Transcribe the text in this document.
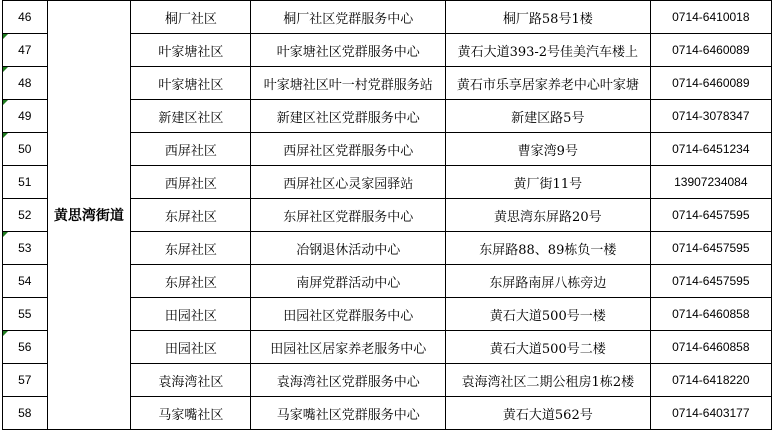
46	黄思湾街道	桐厂社区	桐厂社区党群服务中心	桐厂路58号1楼	0714-6410018

47		叶家塘社区	叶家塘社区党群服务中心	黄石大道393-2号佳美汽车楼上	0714-6460089

48		叶家塘社区	叶家塘社区叶一村党群服务站	黄石市乐享居家养老中心叶家塘	0714-6460089

49		新建区社区	新建区社区党群服务中心	新建区路5号	0714-3078347

50		西屏社区	西屏社区党群服务中心	曹家湾9号	0714-6451234
51		西屏社区	西屏社区心灵家园驿站	黄厂街11号	13907234084
52		东屏社区	东屏社区党群服务中心	黄思湾东屏路20号	0714-6457595

53		东屏社区	冶钢退休活动中心	东屏路88、89栋负一楼	0714-6457595
54		东屏社区	南屏党群活动中心	东屏路南屏八栋旁边	0714-6457595
55		田园社区	田园社区党群服务中心	黄石大道500号一楼	0714-6460858

56		田园社区	田园社区居家养老服务中心	黄石大道500号二楼	0714-6460858
57		袁海湾社区	袁海湾社区党群服务中心	袁海湾社区二期公租房1栋2楼	0714-6418220
58		马家嘴社区	马家嘴社区党群服务中心	黄石大道562号	0714-6403177
